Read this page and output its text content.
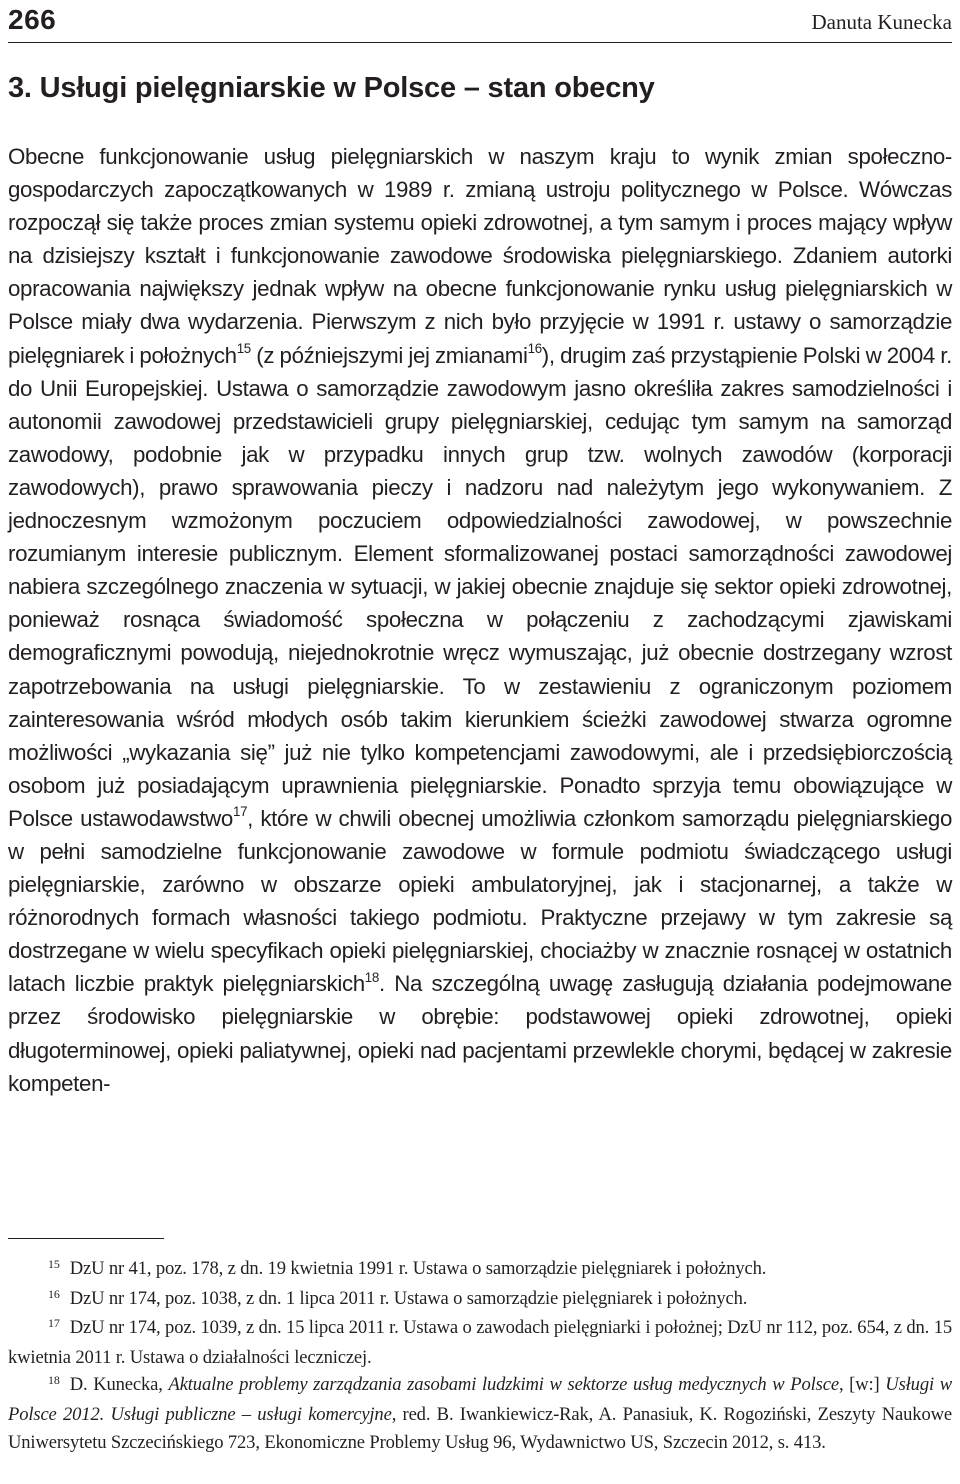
266	Danuta Kunecka
3. Usługi pielęgniarskie w Polsce – stan obecny

Obecne funkcjonowanie usług pielęgniarskich w naszym kraju to wynik zmian społeczno-gospodarczych zapoczątkowanych w 1989 r. zmianą ustroju politycznego w Polsce. Wówczas rozpoczął się także proces zmian systemu opieki zdrowotnej, a tym samym i proces mający wpływ na dzisiejszy kształt i funkcjonowanie zawodowe środowiska pielęgniarskiego. Zdaniem autorki opracowania największy jednak wpływ na obecne funkcjonowanie rynku usług pielęgniarskich w Polsce miały dwa wydarzenia. Pierwszym z nich było przyjęcie w 1991 r. ustawy o samorządzie pielęgniarek i położnych$^{15}$ (z późniejszymi jej zmianami$^{16}$), drugim zaś przystąpienie Polski w 2004 r. do Unii Europejskiej. Ustawa o samorządzie zawodowym jasno określiła zakres samodzielności i autonomii zawodowej przedstawicieli grupy pielęgniarskiej, cedując tym samym na samorząd zawodowy, podobnie jak w przypadku innych grup tzw. wolnych zawodów (korporacji zawodowych), prawo sprawowania pieczy i nadzoru nad należytym jego wykonywaniem. Z jednoczesnym wzmożonym poczuciem odpowiedzialności zawodowej, w powszechnie rozumianym interesie publicznym. Element sformalizowanej postaci samorządności zawodowej nabiera szczególnego znaczenia w sytuacji, w jakiej obecnie znajduje się sektor opieki zdrowotnej, ponieważ rosnąca świadomość społeczna w połączeniu z zachodzącymi zjawiskami demograficznymi powodują, niejednokrotnie wręcz wymuszając, już obecnie dostrzegany wzrost zapotrzebowania na usługi pielęgniarskie. To w zestawieniu z ograniczonym poziomem zainteresowania wśród młodych osób takim kierunkiem ścieżki zawodowej stwarza ogromne możliwości „wykazania się” już nie tylko kompetencjami zawodowymi, ale i przedsiębiorczością osobom już posiadającym uprawnienia pielęgniarskie. Ponadto sprzyja temu obowiązujące w Polsce ustawodawstwo$^{17}$, które w chwili obecnej umożliwia członkom samorządu pielęgniarskiego w pełni samodzielne funkcjonowanie zawodowe w formule podmiotu świadczącego usługi pielęgniarskie, zarówno w obszarze opieki ambulatoryjnej, jak i stacjonarnej, a także w różnorodnych formach własności takiego podmiotu. Praktyczne przejawy w tym zakresie są dostrzegane w wielu specyfikach opieki pielęgniarskiej, chociażby w znacznie rosnącej w ostatnich latach liczbie praktyk pielęgniarskich$^{18}$. Na szczególną uwagę zasługują działania podejmowane przez środowisko pielęgniarskie w obrębie: podstawowej opieki zdrowotnej, opieki długoterminowej, opieki paliatywnej, opieki nad pacjentami przewlekle chorymi, będącej w zakresie kompeten-

$^{15}$ DzU nr 41, poz. 178, z dn. 19 kwietnia 1991 r. Ustawa o samorządzie pielęgniarek i położnych.

$^{16}$ DzU nr 174, poz. 1038, z dn. 1 lipca 2011 r. Ustawa o samorządzie pielęgniarek i położnych.

$^{17}$ DzU nr 174, poz. 1039, z dn. 15 lipca 2011 r. Ustawa o zawodach pielęgniarki i położnej; DzU nr 112, poz. 654, z dn. 15 kwietnia 2011 r. Ustawa o działalności leczniczej.

$^{18}$ D. Kunecka, Aktualne problemy zarządzania zasobami ludzkimi w sektorze usług medycznych w Polsce, [w:] Usługi w Polsce 2012. Usługi publiczne – usługi komercyjne, red. B. Iwankiewicz-Rak, A. Panasiuk, K. Rogoziński, Zeszyty Naukowe Uniwersytetu Szczecińskiego 723, Ekonomiczne Problemy Usług 96, Wydawnictwo US, Szczecin 2012, s. 413.
